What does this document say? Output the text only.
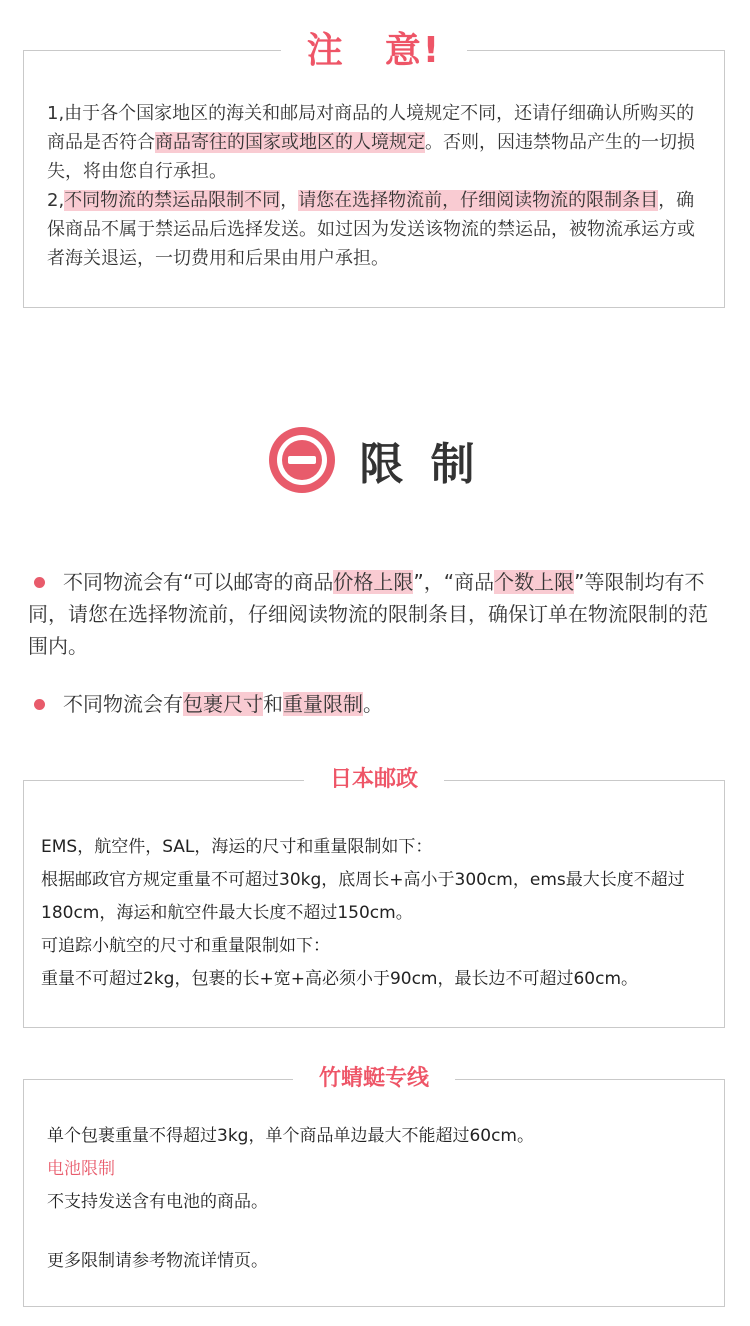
注 意!
1,由于各个国家地区的海关和邮局对商品的人境规定不同，还请仔细确认所购买的商品是否符合商品寄往的国家或地区的人境规定。否则，因违禁物品产生的一切损失，将由您自行承担。
2,不同物流的禁运品限制不同，请您在选择物流前，仔细阅读物流的限制条目，确保商品不属于禁运品后选择发送。如过因为发送该物流的禁运品，被物流承运方或者海关退运，一切费用和后果由用户承担。
限 制
不同物流会有“可以邮寄的商品价格上限”，“商品个数上限”等限制均有不同，请您在选择物流前，仔细阅读物流的限制条目，确保订单在物流限制的范围内。
不同物流会有包裹尺寸和重量限制。
日本邮政
EMS，航空件，SAL，海运的尺寸和重量限制如下：
根据邮政官方规定重量不可超过30kg，底周长+高小于300cm，ems最大长度不超过180cm，海运和航空件最大长度不超过150cm。
可追踪小航空的尺寸和重量限制如下：
重量不可超过2kg，包裹的长+宽+高必须小于90cm，最长边不可超过60cm。
竹蜻蜓专线
单个包裹重量不得超过3kg，单个商品单边最大不能超过60cm。
电池限制
不支持发送含有电池的商品。
更多限制请参考物流详情页。
